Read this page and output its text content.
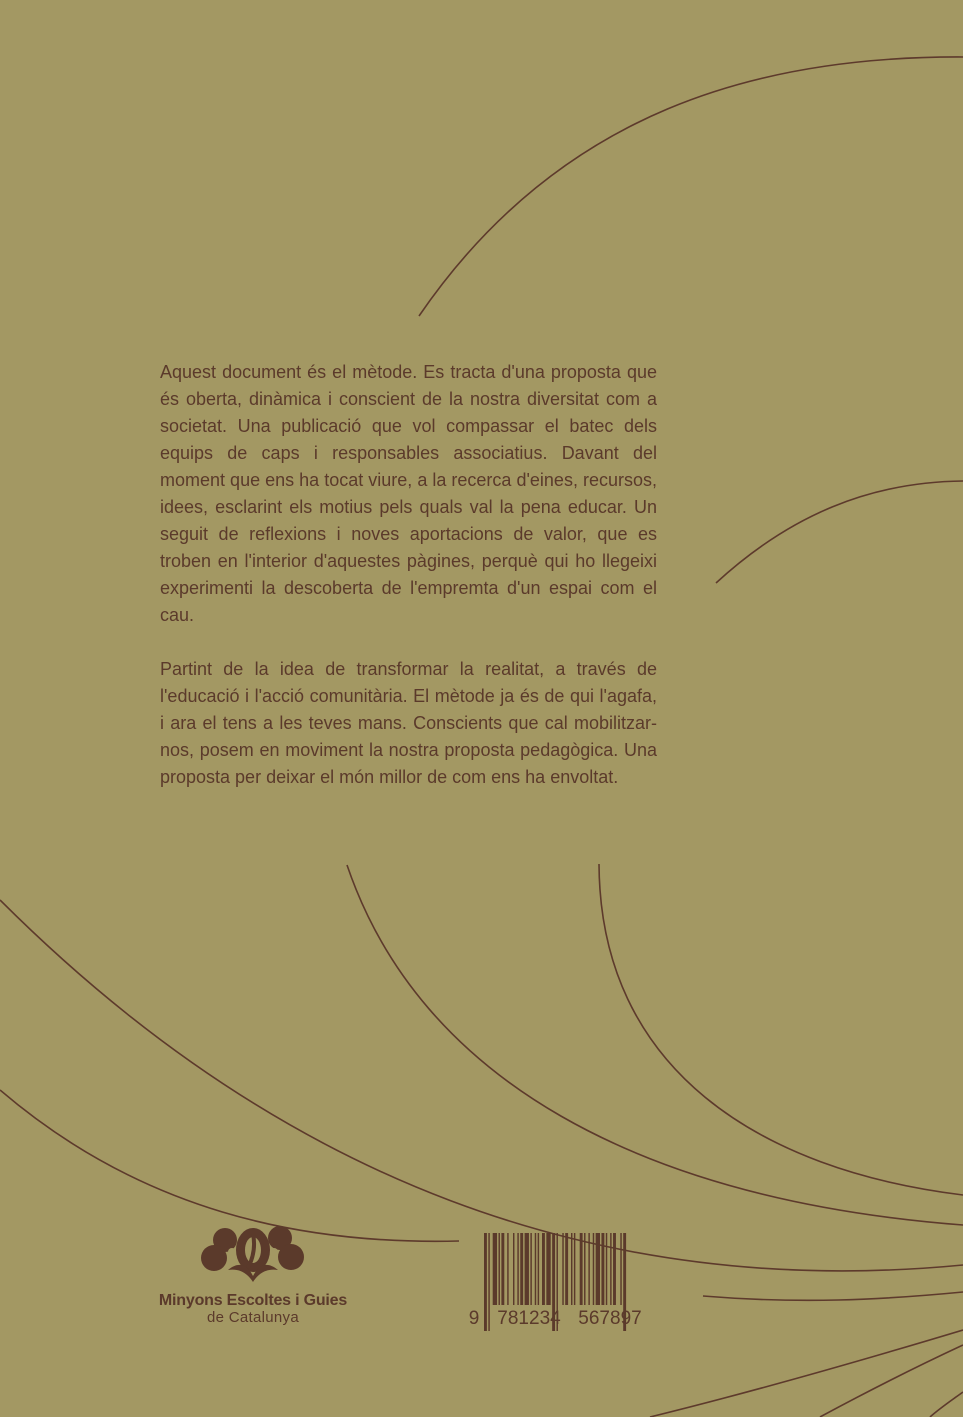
Aquest document és el mètode. Es tracta d'una proposta que és oberta, dinàmica i conscient de la nostra diversitat com a societat. Una publicació que vol compassar el batec dels equips de caps i responsables associatius. Davant del moment que ens ha tocat viure, a la recerca d'eines, recursos, idees, esclarint els motius pels quals val la pena educar. Un seguit de reflexions i noves aportacions de valor, que es troben en l'interior d'aquestes pàgines, perquè qui ho llegeixi experimenti la descoberta de l'empremta d'un espai com el cau.

Partint de la idea de transformar la realitat, a través de l'educació i l'acció comunitària. El mètode ja és de qui l'agafa, i ara el tens a les teves mans. Conscients que cal mobilitzar-nos, posem en moviment la nostra proposta pedagògica. Una proposta per deixar el món millor de com ens ha envoltat.

Minyons Escoltes i Guies
de Catalunya	9 781234 567897
